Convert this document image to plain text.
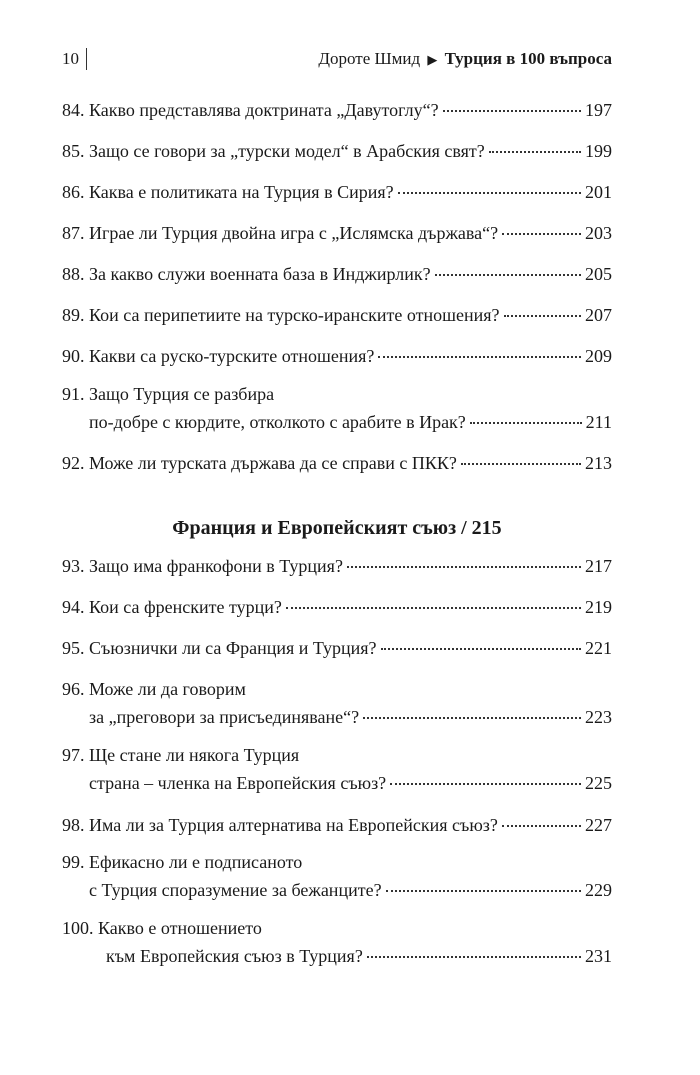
10	Дороте Шмид ▶ Турция в 100 въпроса
84. Какво представлява доктрината „Давутоглу“?	197
85. Защо се говори за „турски модел“ в Арабския свят?	199
86. Каква е политиката на Турция в Сирия?	201
87. Играе ли Турция двойна игра с „Ислямска държава“?	203
88. За какво служи военната база в Инджирлик?	205
89. Кои са перипетиите на турско-иранските отношения?	207
90. Какви са руско-турските отношения?	209
91. Защо Турция се разбира
по-добре с кюрдите, отколкото с арабите в Ирак?	211
92. Може ли турската държава да се справи с ПКК?	213
Франция и Европейският съюз / 215
93. Защо има франкофони в Турция?	217
94. Кои са френските турци?	219
95. Съюзнички ли са Франция и Турция?	221
96. Може ли да говорим
за „преговори за присъединяване“?	223
97. Ще стане ли някога Турция
страна – членка на Европейския съюз?	225
98. Има ли за Турция алтернатива на Европейския съюз?	227
99. Ефикасно ли е подписаното
с Турция споразумение за бежанците?	229
100. Какво е отношението
към Европейския съюз в Турция?	231
